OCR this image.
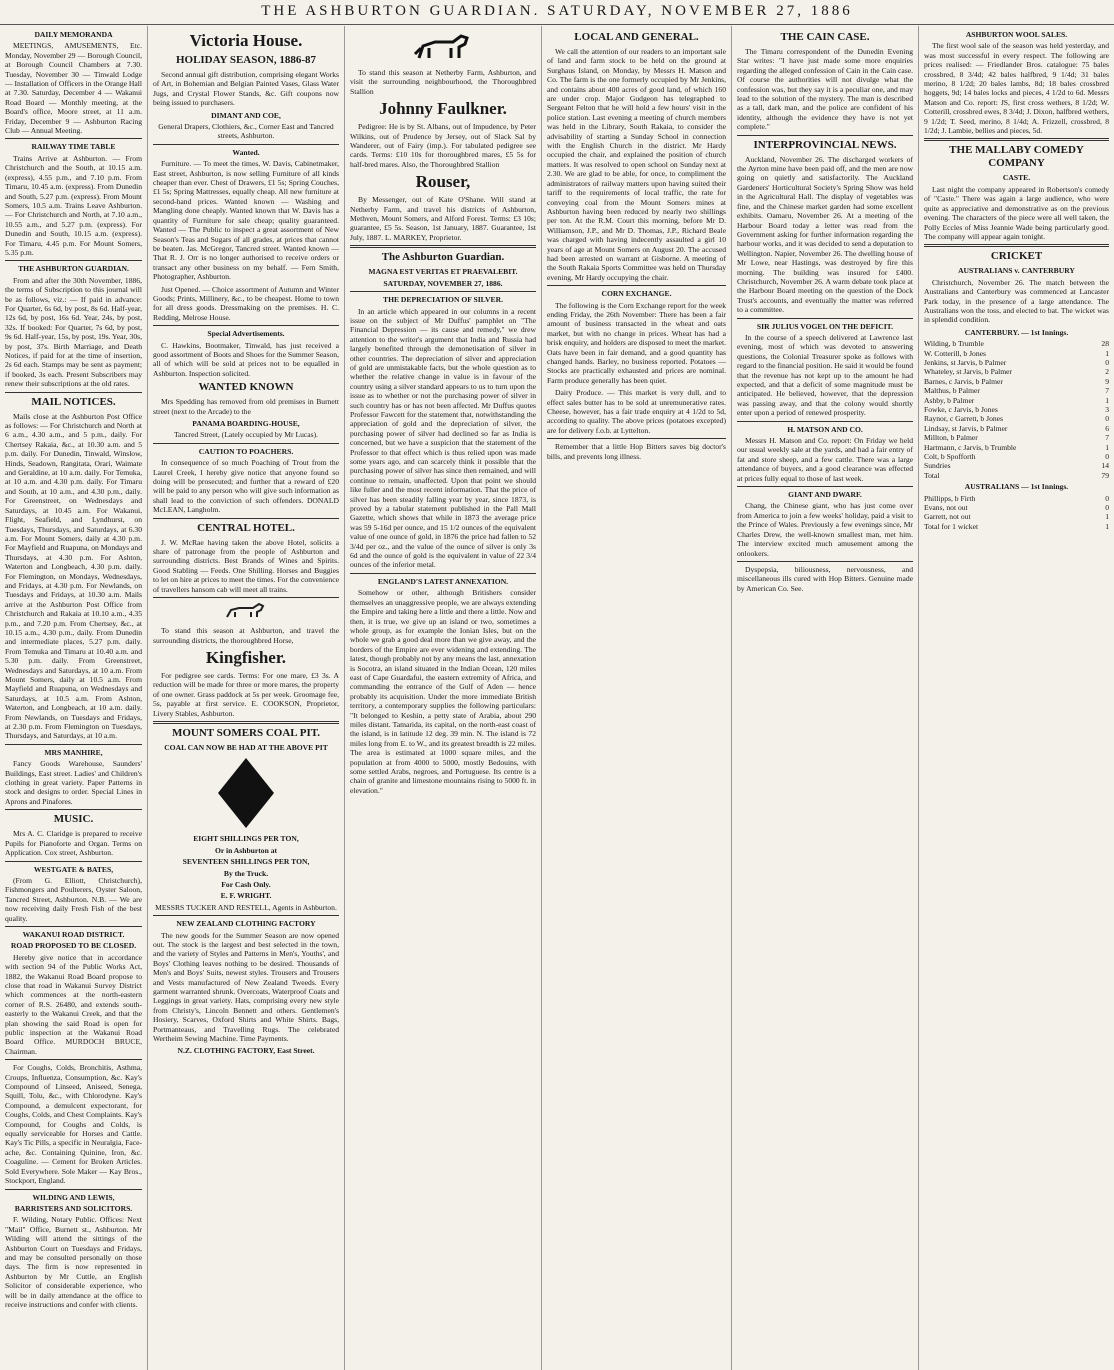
THE ASHBURTON GUARDIAN. SATURDAY, NOVEMBER 27, 1886
DAILY MEMORANDA

MEETINGS, AMUSEMENTS, Etc. Monday, November 29 — Borough Council, at Borough Council Chambers at 7.30. Tuesday, November 30 — Tinwald Lodge — Installation of Officers in the Orange Hall at 7.30. Saturday, December 4 — Wakanui Road Board — Monthly meeting, at the Board's office, Moore street, at 11 a.m. Friday, December 9 — Ashburton Racing Club — Annual Meeting.

RAILWAY TIME TABLE

Trains Arrive at Ashburton. — From Christchurch and the South, at 10.15 a.m. (express), 4.55 p.m., and 7.10 p.m. From Timaru, 10.45 a.m. (express). From Dunedin and South, 5.27 p.m. (express). From Mount Somers, 10.5 a.m. Trains Leave Ashburton. — For Christchurch and North, at 7.10 a.m., 10.55 a.m., and 5.27 p.m. (express). For Dunedin and South, 10.15 a.m. (express). For Timaru, 4.45 p.m. For Mount Somers, 5.35 p.m.

THE ASHBURTON GUARDIAN.

From and after the 30th November, 1886, the terms of Subscription to this journal will be as follows, viz.: — If paid in advance: For Quarter, 6s 6d, by post, 8s 6d. Half-year, 12s 6d, by post, 16s 6d. Year, 24s, by post, 32s. If booked: For Quarter, 7s 6d, by post, 9s 6d. Half-year, 15s, by post, 19s. Year, 30s, by post, 37s. Birth Marriage, and Death Notices, if paid for at the time of insertion, 2s 6d each. Stamps may be sent as payment; if booked, 3s each. Present Subscribers may renew their subscriptions at the old rates.

MAIL NOTICES.

Mails close at the Ashburton Post Office as follows: — For Christchurch and North at 6 a.m., 4.30 a.m., and 5 p.m., daily. For Chertsey Rakaia, &c., at 10.30 a.m. and 5 p.m. daily. For Dunedin, Tinwald, Winslow, Hinds, Seadown, Rangitata, Orari, Waimate and Geraldine, at 10 a.m. daily. For Temuka, at 10 a.m. and 4.30 p.m. daily. For Timaru and South, at 10 a.m., and 4.30 p.m., daily. For Greenstreet, on Wednesdays and Saturdays, at 10.45 a.m. For Wakanui, Flight, Seafield, and Lyndhurst, on Tuesdays, Thursdays, and Saturdays, at 6.30 a.m. For Mount Somers, daily at 4.30 p.m. For Mayfield and Ruapuna, on Mondays and Thursdays, at 4.30 p.m. For Ashton, Waterton and Longbeach, 4.30 p.m. daily. For Flemington, on Mondays, Wednesdays, and Fridays, at 4.30 p.m. For Newlands, on Tuesdays and Fridays, at 10.30 a.m. Mails arrive at the Ashburton Post Office from Christchurch and Rakaia at 10.10 a.m., 4.35 p.m., and 7.20 p.m. From Chertsey, &c., at 10.15 a.m., 4.30 p.m., daily. From Dunedin and intermediate places, 5.27 p.m. daily. From Temuka and Timaru at 10.40 a.m. and 5.30 p.m. daily. From Greenstreet, Wednesdays and Saturdays, at 10 a.m. From Mount Somers, daily at 10.5 a.m. From Mayfield and Ruapuna, on Wednesdays and Saturdays, at 10.5 a.m. From Ashton, Waterton, and Longbeach, at 10 a.m. daily. From Newlands, on Tuesdays and Fridays, at 2.30 p.m. From Flemington on Tuesdays, Thursdays, and Saturdays, at 10 a.m.

MRS MANHIRE,

Fancy Goods Warehouse, Saunders' Buildings, East street. Ladies' and Children's clothing in great variety. Paper Patterns in stock and designs to order. Special Lines in Aprons and Pinafores.

MUSIC.

Mrs A. C. Claridge is prepared to receive Pupils for Pianoforte and Organ. Terms on Application. Cox street, Ashburton.

WESTGATE & BATES,

(From G. Elliott, Christchurch), Fishmongers and Poulterers, Oyster Saloon, Tancred Street, Ashburton. N.B. — We are now receiving daily Fresh Fish of the best quality.

WAKANUI ROAD DISTRICT.
ROAD PROPOSED TO BE CLOSED.

Hereby give notice that in accordance with section 94 of the Public Works Act, 1882, the Wakanui Road Board propose to close that road in Wakanui Survey District which commences at the north-eastern corner of R.S. 26480, and extends south-easterly to the Wakanui Creek, and that the plan showing the said Road is open for public inspection at the Wakanui Road Board Office. MURDOCH BRUCE, Chairman.

For Coughs, Colds, Bronchitis, Asthma, Croups, Influenza, Consumption, &c. Kay's Compound of Linseed, Aniseed, Senega, Squill, Tolu, &c., with Chlorodyne. Kay's Compound, a demulcent expectorant, for Coughs, Colds, and Chest Complaints. Kay's Compound, for Coughs and Colds, is equally serviceable for Horses and Cattle. Kay's Tic Pills, a specific in Neuralgia, Face-ache, &c. Containing Quinine, Iron, &c. Coaguline. — Cement for Broken Articles. Sold Everywhere. Sole Maker — Kay Bros., Stockport, England.

WILDING AND LEWIS,
BARRISTERS AND SOLICITORS.

F. Wilding, Notary Public. Offices: Next "Mail" Office, Burnett st., Ashburton. Mr Wilding will attend the sittings of the Ashburton Court on Tuesdays and Fridays, and may be consulted personally on those days. The firm is now represented in Ashburton by Mr Cuttle, an English Solicitor of considerable experience, who will be in daily attendance at the office to receive instructions and confer with clients.

Victoria House.
HOLIDAY SEASON, 1886-87

Second annual gift distribution, comprising elegant Works of Art, in Bohemian and Belgian Painted Vases, Glass Water Jugs, and Crystal Flower Stands, &c. Gift coupons now being issued to purchasers.

DIMANT AND COE,

General Drapers, Clothiers, &c., Corner East and Tancred streets, Ashburton.

Wanted.

Furniture. — To meet the times, W. Davis, Cabinetmaker, East street, Ashburton, is now selling Furniture of all kinds cheaper than ever. Chest of Drawers, £1 5s; Spring Couches, £1 5s; Spring Mattresses, equally cheap. All new furniture at second-hand prices. Wanted known — Washing and Mangling done cheaply. Wanted known that W. Davis has a quantity of Furniture for sale cheap; quality guaranteed. Wanted — The Public to inspect a great assortment of New Season's Teas and Sugars of all grades, at prices that cannot be beaten. Jas. McGregor, Tancred street. Wanted known — That R. J. Orr is no longer authorised to receive orders or transact any other business on my behalf. — Fern Smith, Photographer, Ashburton.

Just Opened. — Choice assortment of Autumn and Winter Goods; Prints, Millinery, &c., to be cheapest. Home to town for all dress goods. Dressmaking on the premises. H. C. Redding, Melrose House.

Special Advertisements.

C. Hawkins, Bootmaker, Tinwald, has just received a good assortment of Boots and Shoes for the Summer Season, all of which will be sold at prices not to be equalled in Ashburton. Inspection solicited.

WANTED KNOWN

Mrs Spedding has removed from old premises in Burnett street (next to the Arcade) to the

PANAMA BOARDING-HOUSE,

Tancred Street, (Lately occupied by Mr Lucas).

CAUTION TO POACHERS.

In consequence of so much Poaching of Trout from the Laurel Creek, I hereby give notice that anyone found so doing will be prosecuted; and further that a reward of £20 will be paid to any person who will give such information as shall lead to the conviction of such offenders. DONALD McLEAN, Langholm.

CENTRAL HOTEL.

J. W. McRae having taken the above Hotel, solicits a share of patronage from the people of Ashburton and surrounding districts. Best Brands of Wines and Spirits. Good Stabling — Feeds. One Shilling. Horses and Buggies to let on hire at prices to meet the times. For the convenience of travellers hansom cab will meet all trains.

To stand this season at Ashburton, and travel the surrounding districts, the thoroughbred Horse,

Kingfisher.

For pedigree see cards. Terms: For one mare, £3 3s. A reduction will be made for three or more mares, the property of one owner. Grass paddock at 5s per week. Groomage fee, 5s, payable at first service. E. COOKSON, Proprietor, Livery Stables, Ashburton.

MOUNT SOMERS COAL PIT.
COAL CAN NOW BE HAD AT THE ABOVE PIT
EIGHT SHILLINGS PER TON,
Or in Ashburton at
SEVENTEEN SHILLINGS PER TON,
By the Truck.
For Cash Only.
E. F. WRIGHT.

MESSRS TUCKER AND RESTELL, Agents in Ashburton.

NEW ZEALAND CLOTHING FACTORY

The new goods for the Summer Season are now opened out. The stock is the largest and best selected in the town, and the variety of Styles and Patterns in Men's, Youths', and Boys' Clothing leaves nothing to be desired. Thousands of Men's and Boys' Suits, newest styles. Trousers and Trousers and Vests manufactured of New Zealand Tweeds. Every garment warranted shrunk. Overcoats, Waterproof Coats and Leggings in great variety. Hats, comprising every new style from Christy's, Lincoln Bennett and others. Gentlemen's Hosiery, Scarves, Oxford Shirts and White Shirts. Bags, Portmanteaus, and Travelling Rugs. The celebrated Wertheim Sewing Machine. Time Payments.

N.Z. CLOTHING FACTORY, East Street.

To stand this season at Netherby Farm, Ashburton, and visit the surrounding neighbourhood, the Thoroughbred Stallion

Johnny Faulkner.

Pedigree: He is by St. Albans, out of Impudence, by Peter Wilkins, out of Prudence by Jersey, out of Slack Sal by Wanderer, out of Fairy (imp.). For tabulated pedigree see cards. Terms: £10 10s for thoroughbred mares, £5 5s for half-bred mares. Also, the Thoroughbred Stallion

Rouser,

By Messenger, out of Kate O'Shane. Will stand at Netherby Farm, and travel his districts of Ashburton, Methven, Mount Somers, and Alford Forest. Terms: £3 10s; guarantee, £5 5s. Season, 1st January, 1887. Guarantee, 1st July, 1887. L. MARKEY, Proprietor.

The Ashburton Guardian.
MAGNA EST VERITAS ET PRAEVALEBIT.
SATURDAY, NOVEMBER 27, 1886.
THE DEPRECIATION OF SILVER.

In an article which appeared in our columns in a recent issue on the subject of Mr Duffus' pamphlet on "The Financial Depression — its cause and remedy," we drew attention to the writer's argument that India and Russia had largely benefited through the demonetisation of silver in other countries. The depreciation of silver and appreciation of gold are unmistakable facts, but the whole question as to whether the relative change in value is in favour of the country using a silver standard appears to us to turn upon the issue as to whether or not the purchasing power of silver in such country has or has not been affected. Mr Duffus quotes Professor Fawcett for the statement that, notwithstanding the appreciation of gold and the depreciation of silver, the purchasing power of silver had declined so far as India is concerned, but we have a suspicion that the statement of the Professor to that effect which is thus relied upon was made some years ago, and can scarcely think it possible that the purchasing power of silver has since then remained, and will continue to remain, unaffected. Upon that point we should like fuller and the most recent information. That the price of silver has been steadily falling year by year, since 1873, is proved by a tabular statement published in the Pall Mall Gazette, which shows that while in 1873 the average price was 59 5-16d per ounce, and 15 1/2 ounces of the equivalent value of one ounce of gold, in 1876 the price had fallen to 52 3/4d per oz., and the value of the ounce of silver is only 3s 6d and the ounce of gold is the equivalent in value of 22 3/4 ounces of the inferior metal.

ENGLAND'S LATEST ANNEXATION.

Somehow or other, although Britishers consider themselves an unaggressive people, we are always extending the Empire and taking here a little and there a little. Now and then, it is true, we give up an island or two, sometimes a whole group, as for example the Ionian Isles, but on the whole we grab a good deal more than we give away, and the borders of the Empire are ever widening and extending. The latest, though probably not by any means the last, annexation is Socotra, an island situated in the Indian Ocean, 120 miles east of Cape Guardafui, the eastern extremity of Africa, and commanding the entrance of the Gulf of Aden — hence probably its acquisition. Under the more immediate British territory, a contemporary supplies the following particulars: "It belonged to Keshin, a petty state of Arabia, about 290 miles distant. Tamarida, its capital, on the north-east coast of the island, is in latitude 12 deg. 39 min. N. The island is 72 miles long from E. to W., and its greatest breadth is 22 miles. The area is estimated at 1000 square miles, and the population at from 4000 to 5000, mostly Bedouins, with some settled Arabs, negroes, and Portuguese. Its centre is a chain of granite and limestone mountains rising to 5000 ft. in elevation."

LOCAL AND GENERAL.

We call the attention of our readers to an important sale of land and farm stock to be held on the ground at Surghaus Island, on Monday, by Messrs H. Matson and Co. The farm is the one formerly occupied by Mr Jenkins, and contains about 400 acres of good land, of which 160 are under crop. Major Gudgeon has telegraphed to Sergeant Felton that he will hold a few hours' visit in the police station. Last evening a meeting of church members was held in the Library, South Rakaia, to consider the advisability of starting a Sunday School in connection with the English Church in the district. Mr Hardy occupied the chair, and explained the position of church matters. It was resolved to open school on Sunday next at 2.30. We are glad to be able, for once, to compliment the administrators of railway matters upon having suited their tariff to the requirements of local traffic, the rate for conveying coal from the Mount Somers mines at Ashburton having been reduced by nearly two shillings per ton. At the R.M. Court this morning, before Mr D. Williamson, J.P., and Mr D. Thomas, J.P., Richard Beale was charged with having indecently assaulted a girl 10 years of age at Mount Somers on August 20. The accused had been arrested on warrant at Gisborne. A meeting of the South Rakaia Sports Committee was held on Thursday evening, Mr Hardy occupying the chair.

CORN EXCHANGE.

The following is the Corn Exchange report for the week ending Friday, the 26th November: There has been a fair amount of business transacted in the wheat and oats market, but with no change in prices. Wheat has had a brisk enquiry, and holders are disposed to meet the market. Oats have been in fair demand, and a good quantity has changed hands. Barley, no business reported. Potatoes — Stocks are practically exhausted and prices are nominal. Farm produce generally has been quiet.

Dairy Produce. — This market is very dull, and to effect sales butter has to be sold at unremunerative rates. Cheese, however, has a fair trade enquiry at 4 1/2d to 5d, according to quality. The above prices (potatoes excepted) are for delivery f.o.b. at Lyttelton.

Remember that a little Hop Bitters saves big doctor's bills, and prevents long illness.

THE CAIN CASE.

The Timaru correspondent of the Dunedin Evening Star writes: "I have just made some more enquiries regarding the alleged confession of Cain in the Cain case. Of course the authorities will not divulge what the confession was, but they say it is a peculiar one, and may lead to the solution of the mystery. The man is described as a tall, dark man, and the police are confident of his identity, although the evidence they have is not yet complete."

INTERPROVINCIAL NEWS.

Auckland, November 26. The discharged workers of the Ayrton mine have been paid off, and the men are now going on quietly and satisfactorily. The Auckland Gardeners' Horticultural Society's Spring Show was held in the Agricultural Hall. The display of vegetables was fine, and the Chinese market garden had some excellent exhibits. Oamaru, November 26. At a meeting of the Harbour Board today a letter was read from the Government asking for further information regarding the harbour works, and it was decided to send a deputation to Wellington. Napier, November 26. The dwelling house of Mr Lowe, near Hastings, was destroyed by fire this morning. The building was insured for £400. Christchurch, November 26. A warm debate took place at the Harbour Board meeting on the question of the Dock Trust's accounts, and eventually the matter was referred to a committee.

SIR JULIUS VOGEL ON THE DEFICIT.

In the course of a speech delivered at Lawrence last evening, most of which was devoted to answering questions, the Colonial Treasurer spoke as follows with regard to the financial position. He said it would be found that the revenue has not kept up to the amount he had expected, and that a deficit of some magnitude must be anticipated. He believed, however, that the depression was passing away, and that the colony would shortly enter upon a period of renewed prosperity.

H. MATSON AND CO.

Messrs H. Matson and Co. report: On Friday we held our usual weekly sale at the yards, and had a fair entry of fat and store sheep, and a few cattle. There was a large attendance of buyers, and a good clearance was effected at prices fully equal to those of last week.

GIANT AND DWARF.

Chang, the Chinese giant, who has just come over from America to join a few weeks' holiday, paid a visit to the Prince of Wales. Previously a few evenings since, Mr Charles Drew, the well-known smallest man, met him. The interview excited much amusement among the onlookers.

Dyspepsia, biliousness, nervousness, and miscellaneous ills cured with Hop Bitters. Genuine made by American Co. See.

ASHBURTON WOOL SALES.

The first wool sale of the season was held yesterday, and was most successful in every respect. The following are prices realised: — Friedlander Bros. catalogue: 75 bales crossbred, 8 3/4d; 42 bales halfbred, 9 1/4d; 31 bales merino, 8 1/2d; 20 bales lambs, 8d; 18 bales crossbred hoggets, 9d; 14 bales locks and pieces, 4 1/2d to 6d. Messrs Matson and Co. report: JS, first cross wethers, 8 1/2d; W. Cotterill, crossbred ewes, 8 3/4d; J. Dixon, halfbred wethers, 9 1/2d; T. Seed, merino, 8 1/4d; A. Frizzell, crossbred, 8 1/2d; J. Lambie, bellies and pieces, 5d.

THE MALLABY COMEDY COMPANY
CASTE.

Last night the company appeared in Robertson's comedy of "Caste." There was again a large audience, who were quite as appreciative and demonstrative as on the previous evening. The characters of the piece were all well taken, the Polly Eccles of Miss Jeannie Wade being particularly good. The company will appear again tonight.

CRICKET
AUSTRALIANS v. CANTERBURY

Christchurch, November 26. The match between the Australians and Canterbury was commenced at Lancaster Park today, in the presence of a large attendance. The Australians won the toss, and elected to bat. The wicket was in splendid condition.

CANTERBURY. — 1st Innings.
Wilding, b Trumble	28
W. Cotterill, b Jones	1
Jenkins, st Jarvis, b Palmer	0
Whateley, st Jarvis, b Palmer	2
Barnes, c Jarvis, b Palmer	9
Malthus, b Palmer	7
Ashby, b Palmer	1
Fowke, c Jarvis, b Jones	3
Raynor, c Garrett, b Jones	0
Lindsay, st Jarvis, b Palmer	6
Millton, b Palmer	7
Hartmann, c Jarvis, b Trumble	1
Colt, b Spofforth	0
Sundries	14
Total	79
AUSTRALIANS — 1st Innings.
Phillipps, b Firth	0
Evans, not out	0
Garrett, not out	1
Total for 1 wicket	1
